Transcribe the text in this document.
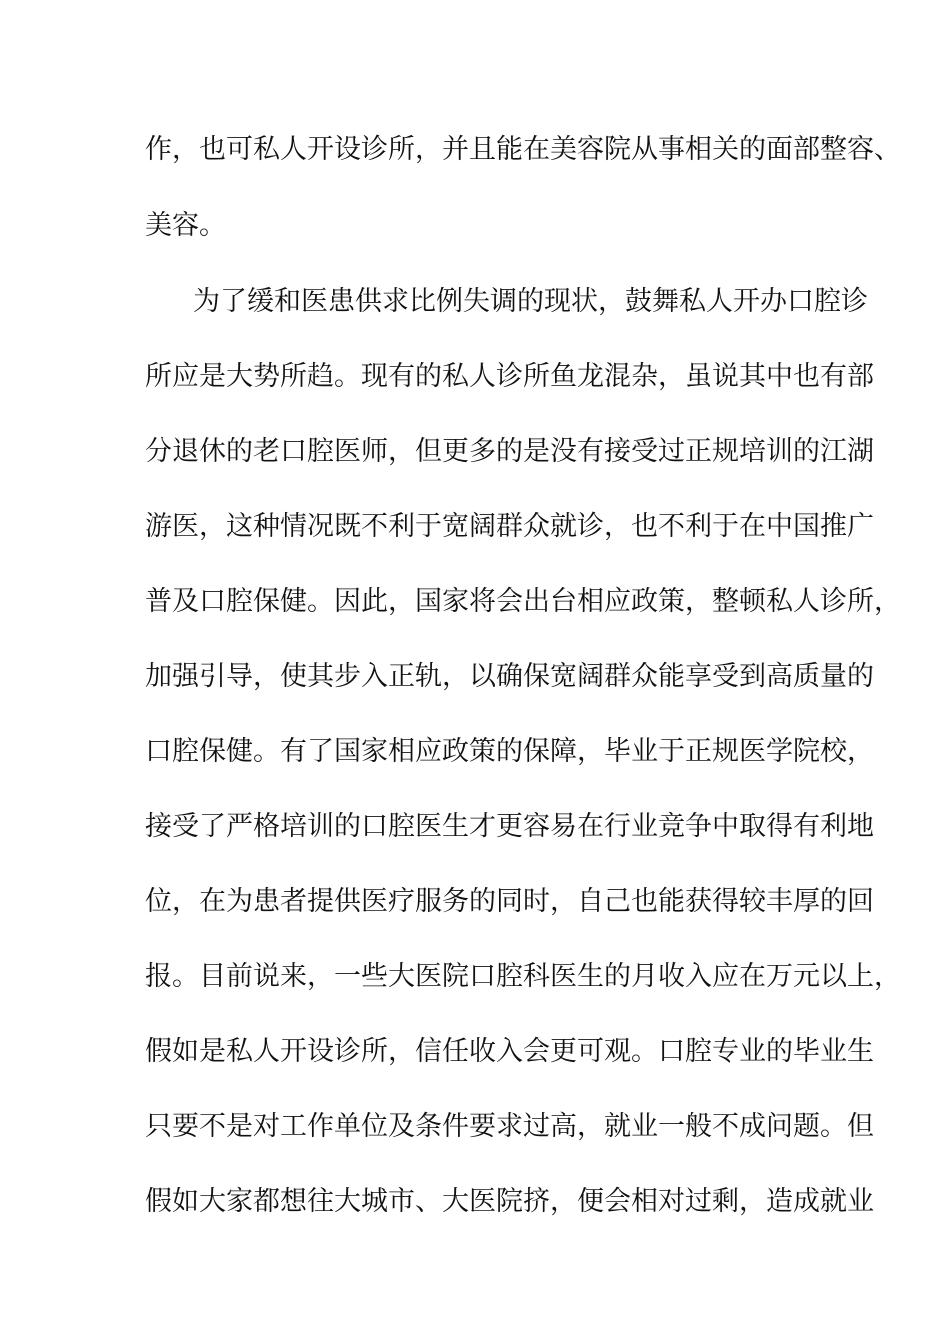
作，也可私人开设诊所，并且能在美容院从事相关的面部整容、
美容。
为了缓和医患供求比例失调的现状，鼓舞私人开办口腔诊
所应是大势所趋。现有的私人诊所鱼龙混杂，虽说其中也有部
分退休的老口腔医师，但更多的是没有接受过正规培训的江湖
游医，这种情况既不利于宽阔群众就诊，也不利于在中国推广
普及口腔保健。因此，国家将会出台相应政策，整顿私人诊所，
加强引导，使其步入正轨，以确保宽阔群众能享受到高质量的
口腔保健。有了国家相应政策的保障，毕业于正规医学院校，
接受了严格培训的口腔医生才更容易在行业竞争中取得有利地
位，在为患者提供医疗服务的同时，自己也能获得较丰厚的回
报。目前说来，一些大医院口腔科医生的月收入应在万元以上，
假如是私人开设诊所，信任收入会更可观。口腔专业的毕业生
只要不是对工作单位及条件要求过高，就业一般不成问题。但
假如大家都想往大城市、大医院挤，便会相对过剩，造成就业
